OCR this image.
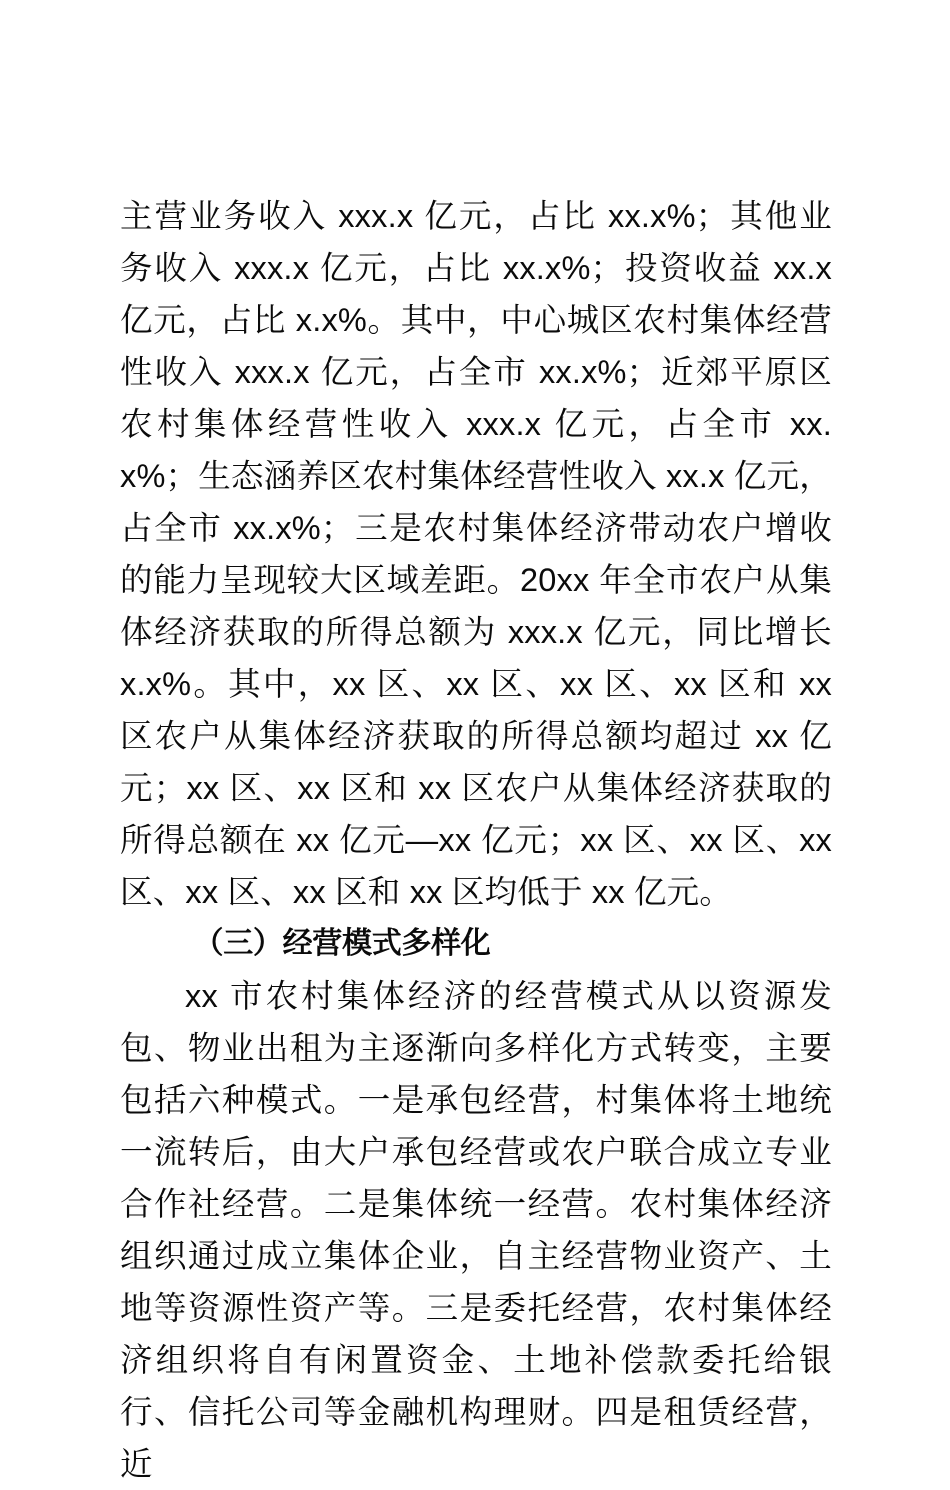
主营业务收入 xxx.x 亿元，占比 xx.x%；其他业务收入 xxx.x 亿元，占比 xx.x%；投资收益 xx.x 亿元，占比 x.x%。其中，中心城区农村集体经营性收入 xxx.x 亿元，占全市 xx.x%；近郊平原区农村集体经营性收入 xxx.x 亿元，占全市 xx.x%；生态涵养区农村集体经营性收入 xx.x 亿元，占全市 xx.x%；三是农村集体经济带动农户增收的能力呈现较大区域差距。20xx 年全市农户从集体经济获取的所得总额为 xxx.x 亿元，同比增长 x.x%。其中，xx 区、xx 区、xx 区、xx 区和 xx 区农户从集体经济获取的所得总额均超过 xx 亿元；xx 区、xx 区和 xx 区农户从集体经济获取的所得总额在 xx 亿元—xx 亿元；xx 区、xx 区、xx 区、xx 区、xx 区和 xx 区均低于 xx 亿元。

（三）经营模式多样化

xx 市农村集体经济的经营模式从以资源发包、物业出租为主逐渐向多样化方式转变，主要包括六种模式。一是承包经营，村集体将土地统一流转后，由大户承包经营或农户联合成立专业合作社经营。二是集体统一经营。农村集体经济组织通过成立集体企业，自主经营物业资产、土地等资源性资产等。三是委托经营，农村集体经济组织将自有闲置资金、土地补偿款委托给银行、信托公司等金融机构理财。四是租赁经营，近
